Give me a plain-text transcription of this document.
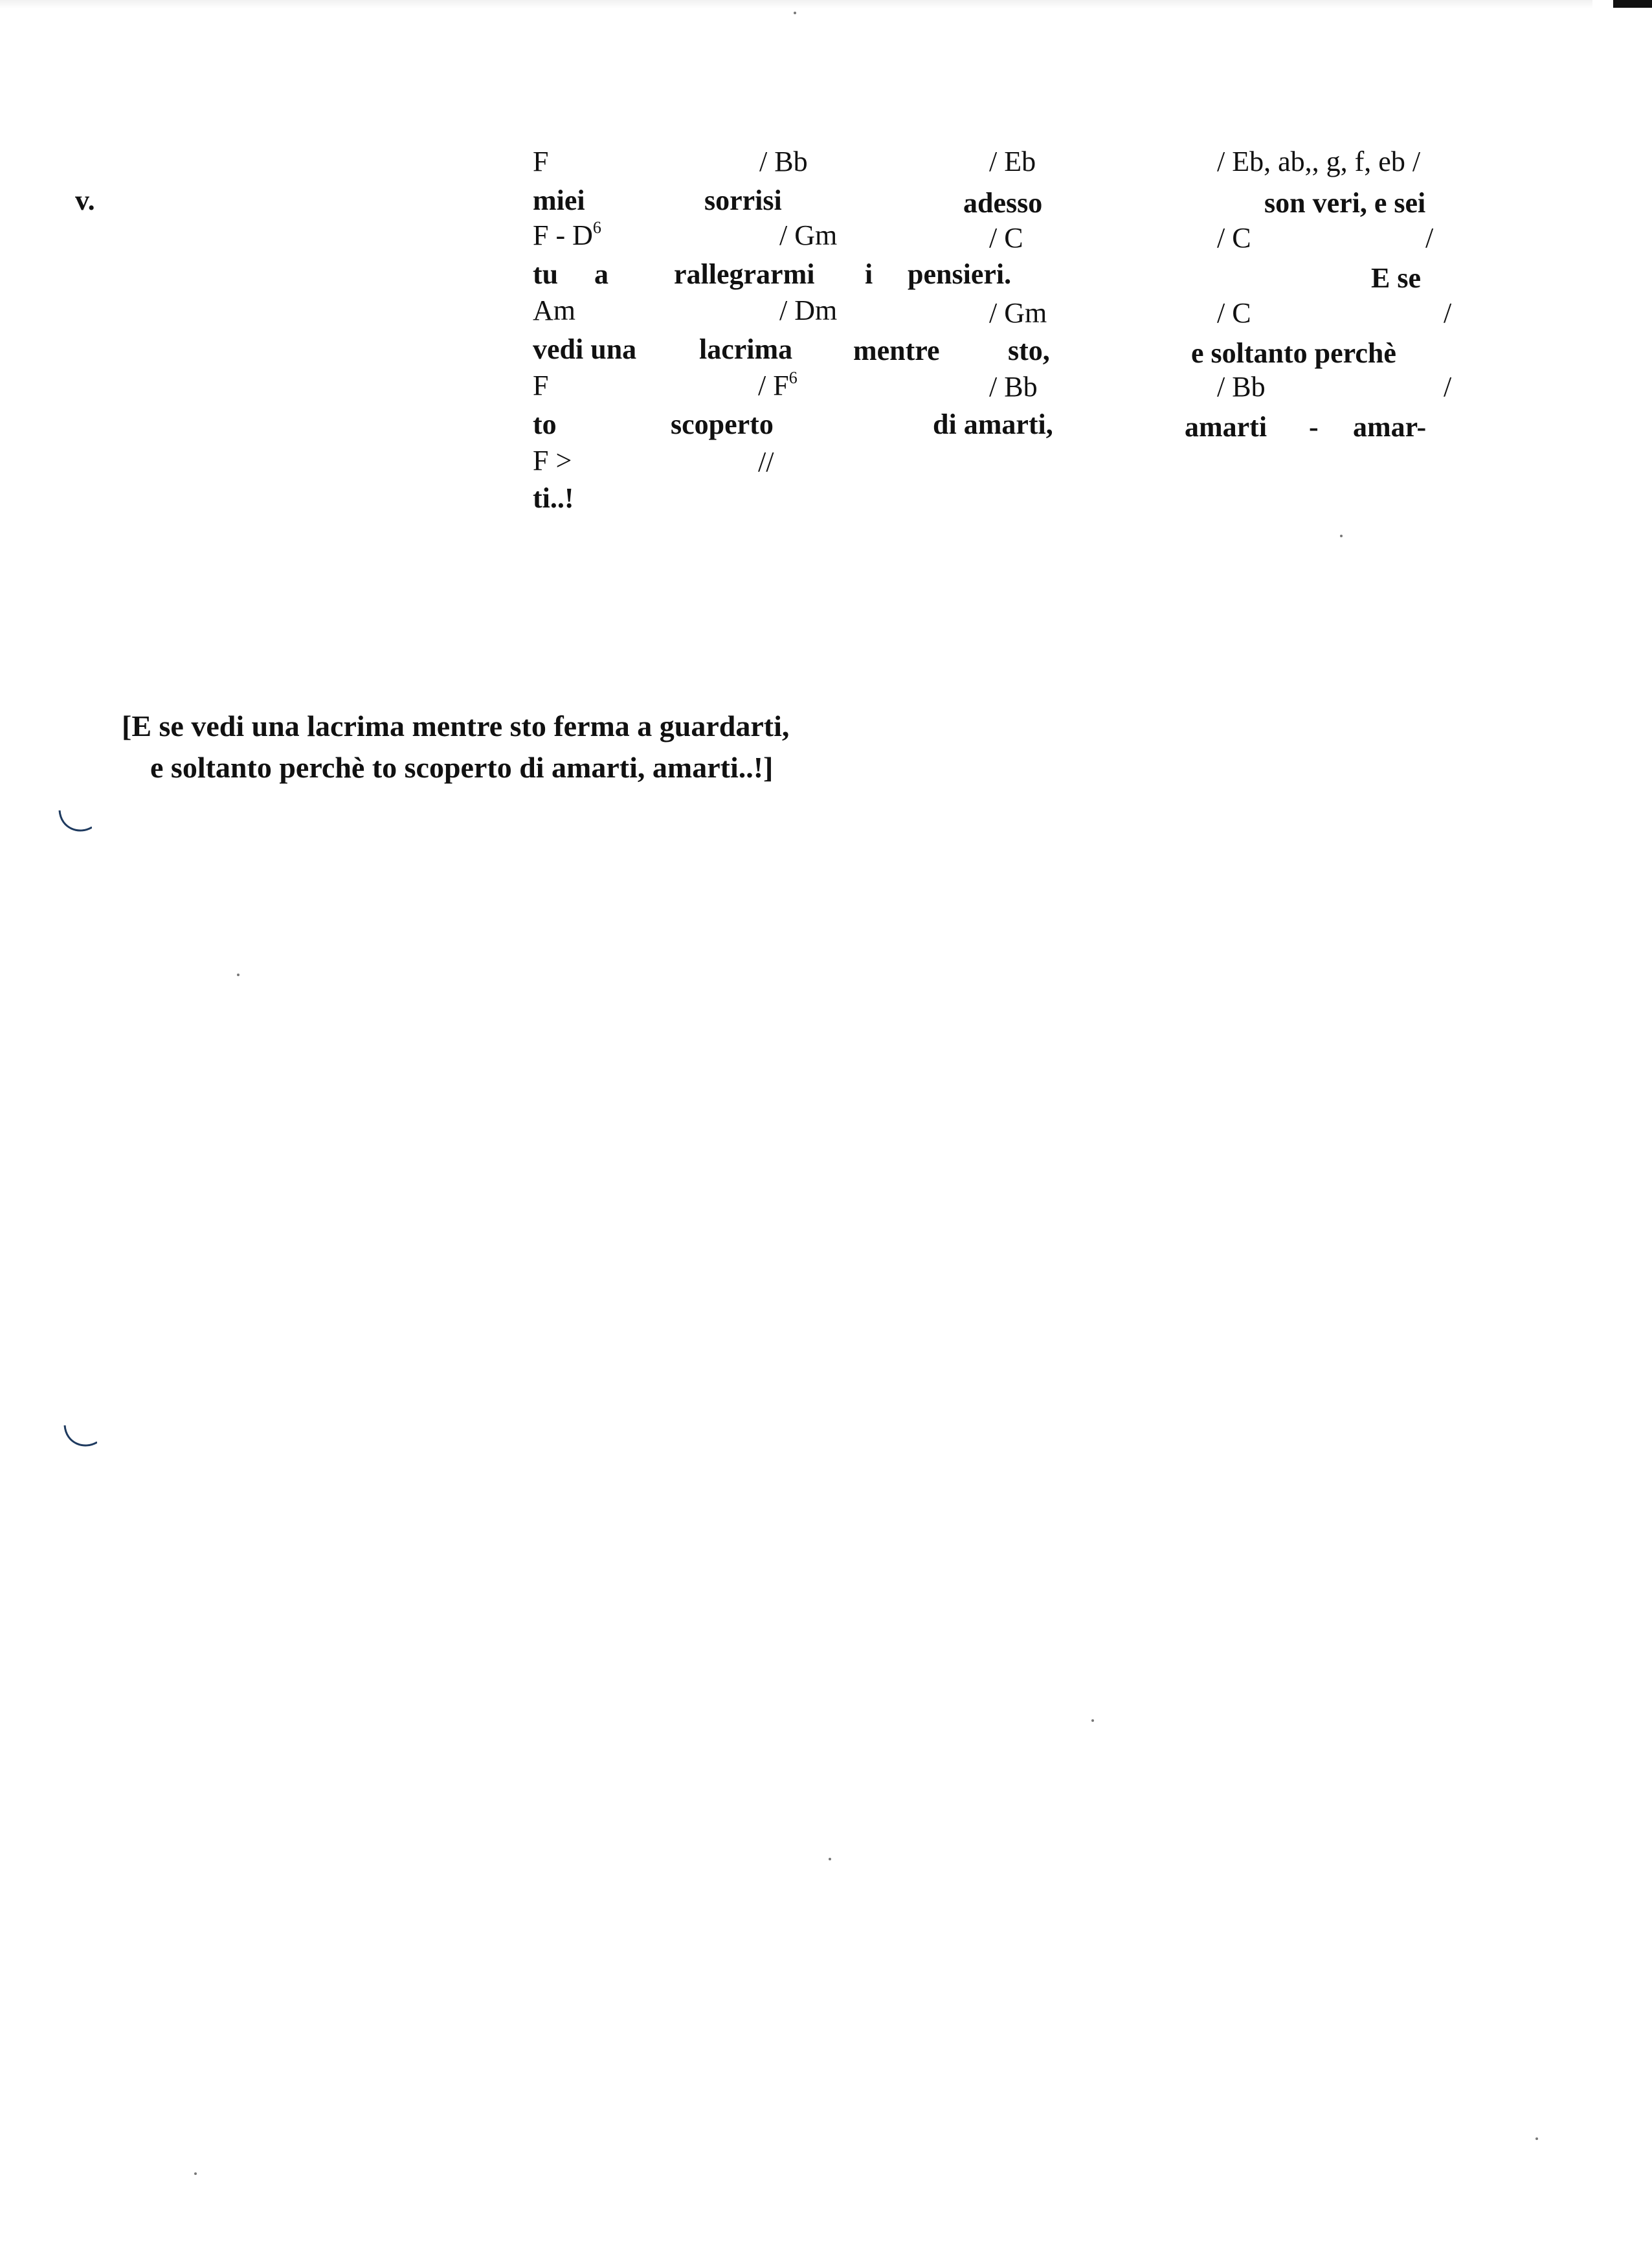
v.
F	/ Bb	/ Eb	/ Eb, ab,, g, f, eb /
miei	sorrisi	adesso	son veri, e sei
F - $D^6$	/ Gm	/ C	/ C	/
tu a rallegrarmi i pensieri.	E se
Am	/ Dm	/ Gm	/ C	/
vedi una lacrima mentre sto,	e soltanto perchè
F	/ $F^6$	/ Bb	/ Bb	/
to	scoperto	di amarti,	amarti - amar-
F >	//
ti..!
[E se vedi una lacrima mentre sto ferma a guardarti,
e soltanto perchè to scoperto di amarti, amarti..!]
